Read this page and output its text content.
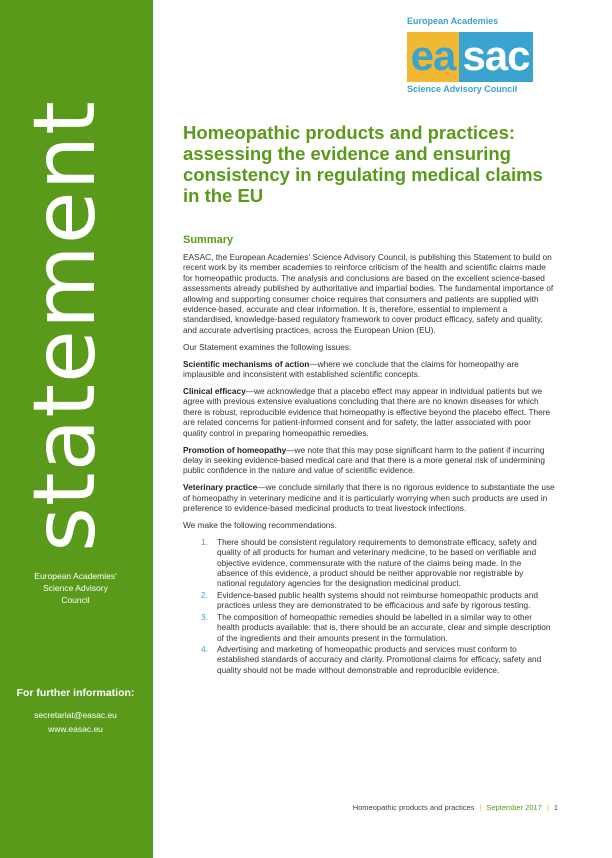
statement
European Academies'
Science Advisory
Council
For further information:
secretariat@easac.eu
www.easac.eu
European Academies
ea sac
Science Advisory Council
Homeopathic products and practices: assessing the evidence and ensuring consistency in regulating medical claims in the EU
Summary

EASAC, the European Academies' Science Advisory Council, is publishing this Statement to build on recent work by its member academies to reinforce criticism of the health and scientific claims made for homeopathic products. The analysis and conclusions are based on the excellent science-based assessments already published by authoritative and impartial bodies. The fundamental importance of allowing and supporting consumer choice requires that consumers and patients are supplied with evidence-based, accurate and clear information. It is, therefore, essential to implement a standardised, knowledge-based regulatory framework to cover product efficacy, safety and quality, and accurate advertising practices, across the European Union (EU).

Our Statement examines the following issues:

Scientific mechanisms of action—where we conclude that the claims for homeopathy are implausible and inconsistent with established scientific concepts.

Clinical efficacy—we acknowledge that a placebo effect may appear in individual patients but we agree with previous extensive evaluations concluding that there are no known diseases for which there is robust, reproducible evidence that homeopathy is effective beyond the placebo effect. There are related concerns for patient-informed consent and for safety, the latter associated with poor quality control in preparing homeopathic remedies.

Promotion of homeopathy—we note that this may pose significant harm to the patient if incurring delay in seeking evidence-based medical care and that there is a more general risk of undermining public confidence in the nature and value of scientific evidence.

Veterinary practice—we conclude similarly that there is no rigorous evidence to substantiate the use of homeopathy in veterinary medicine and it is particularly worrying when such products are used in preference to evidence-based medicinal products to treat livestock infections.

We make the following recommendations.

1. There should be consistent regulatory requirements to demonstrate efficacy, safety and quality of all products for human and veterinary medicine, to be based on verifiable and objective evidence, commensurate with the nature of the claims being made. In the absence of this evidence, a product should be neither approvable nor registrable by national regulatory agencies for the designation medicinal product.
2. Evidence-based public health systems should not reimburse homeopathic products and practices unless they are demonstrated to be efficacious and safe by rigorous testing.
3. The composition of homeopathic remedies should be labelled in a similar way to other health products available: that is, there should be an accurate, clear and simple description of the ingredients and their amounts present in the formulation.
4. Advertising and marketing of homeopathic products and services must conform to established standards of accuracy and clarity. Promotional claims for efficacy, safety and quality should not be made without demonstrable and reproducible evidence.
Homeopathic products and practices | September 2017 | 1
